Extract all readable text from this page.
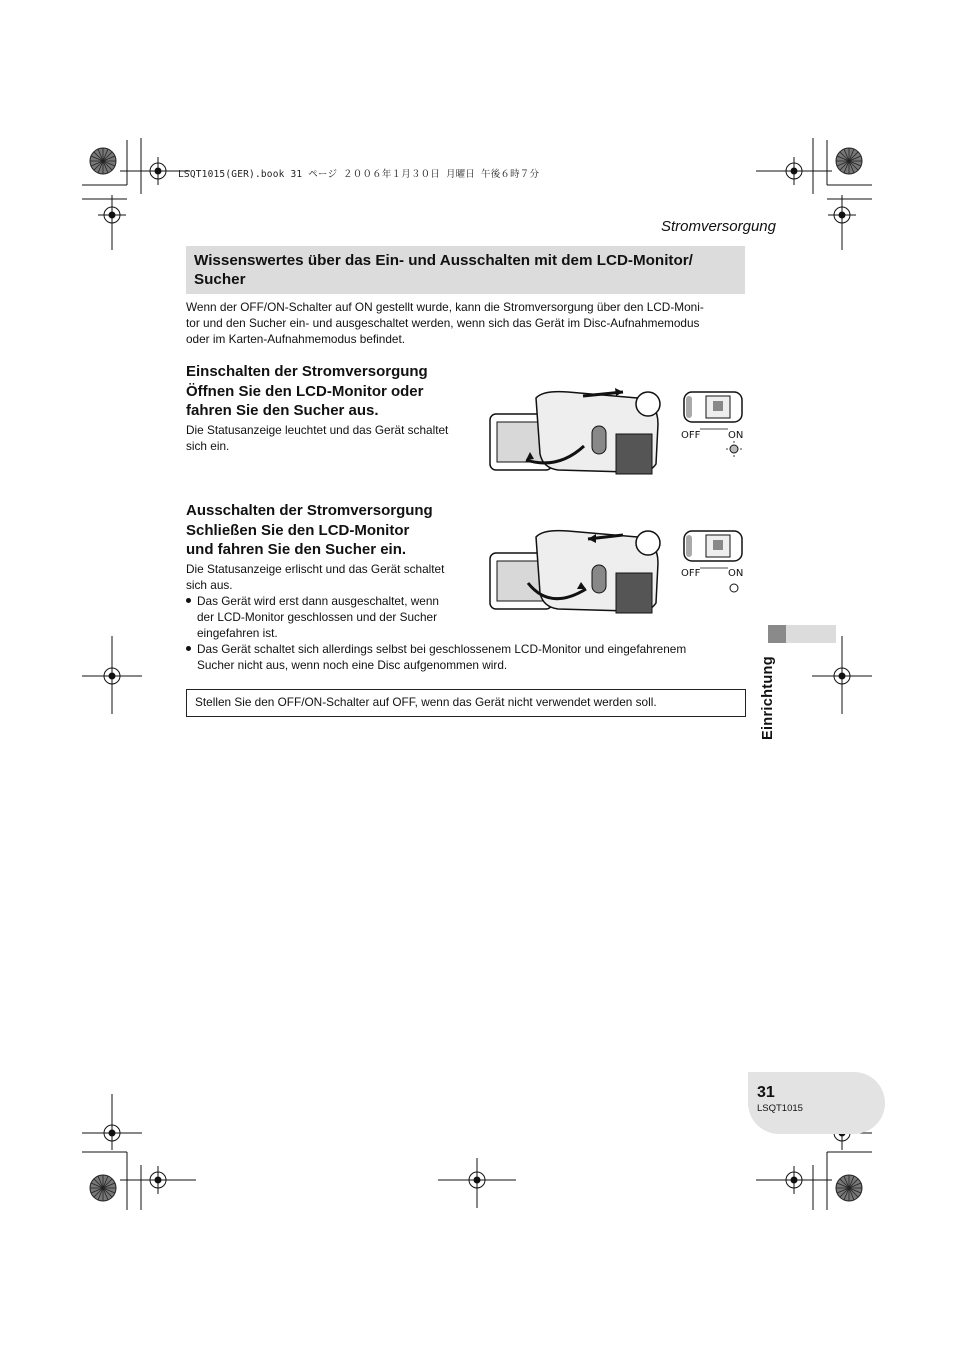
LSQT1015(GER).book 31 ページ ２００６年１月３０日 月曜日 午後６時７分
Stromversorgung
Wissenswertes über das Ein- und Ausschalten mit dem LCD-Monitor/
Sucher
Wenn der OFF/ON-Schalter auf ON gestellt wurde, kann die Stromversorgung über den LCD-Moni-
tor und den Sucher ein- und ausgeschaltet werden, wenn sich das Gerät im Disc-Aufnahmemodus
oder im Karten-Aufnahmemodus befindet.
Einschalten der Stromversorgung
Öffnen Sie den LCD-Monitor oder
fahren Sie den Sucher aus.
Die Statusanzeige leuchtet und das Gerät schaltet
sich ein.
Ausschalten der Stromversorgung
Schließen Sie den LCD-Monitor
und fahren Sie den Sucher ein.
Die Statusanzeige erlischt und das Gerät schaltet
sich aus.
Das Gerät wird erst dann ausgeschaltet, wenn
der LCD-Monitor geschlossen und der Sucher
eingefahren ist.
Das Gerät schaltet sich allerdings selbst bei geschlossenem LCD-Monitor und eingefahrenem
Sucher nicht aus, wenn noch eine Disc aufgenommen wird.
OFF	ON
OFF	ON
Stellen Sie den OFF/ON-Schalter auf OFF, wenn das Gerät nicht verwendet werden soll.	Einrichtung
31
LSQT1015
